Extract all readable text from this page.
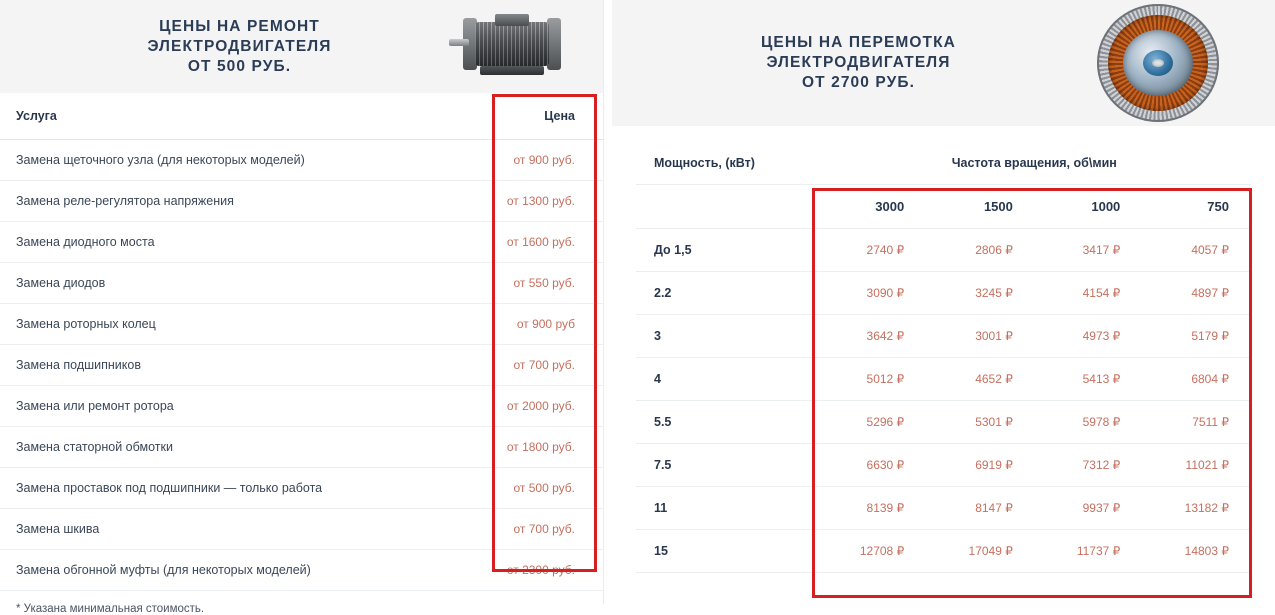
ЦЕНЫ НА РЕМОНТ
ЭЛЕКТРОДВИГАТЕЛЯ
ОТ 500 РУБ.
Услуга	Цена
Замена щеточного узла (для некоторых моделей)	от 900 руб.
Замена реле-регулятора напряжения	от 1300 руб.
Замена диодного моста	от 1600 руб.
Замена диодов	от 550 руб.
Замена роторных колец	от 900 руб
Замена подшипников	от 700 руб.
Замена или ремонт ротора	от 2000 руб.
Замена статорной обмотки	от 1800 руб.
Замена проставок под подшипники — только работа	от 500 руб.
Замена шкива	от 700 руб.
Замена обгонной муфты (для некоторых моделей)	от 2300 руб.
* Указана минимальная стоимость.
ЦЕНЫ НА ПЕРЕМОТКА
ЭЛЕКТРОДВИГАТЕЛЯ
ОТ 2700 РУБ.
Мощность, (кВт)	Частота вращения, об\мин			
	3000	1500	1000	750
До 1,5	2740 ₽	2806 ₽	3417 ₽	4057 ₽
2.2	3090 ₽	3245 ₽	4154 ₽	4897 ₽
3	3642 ₽	3001 ₽	4973 ₽	5179 ₽
4	5012 ₽	4652 ₽	5413 ₽	6804 ₽
5.5	5296 ₽	5301 ₽	5978 ₽	7511 ₽
7.5	6630 ₽	6919 ₽	7312 ₽	11021 ₽
11	8139 ₽	8147 ₽	9937 ₽	13182 ₽
15	12708 ₽	17049 ₽	11737 ₽	14803 ₽
